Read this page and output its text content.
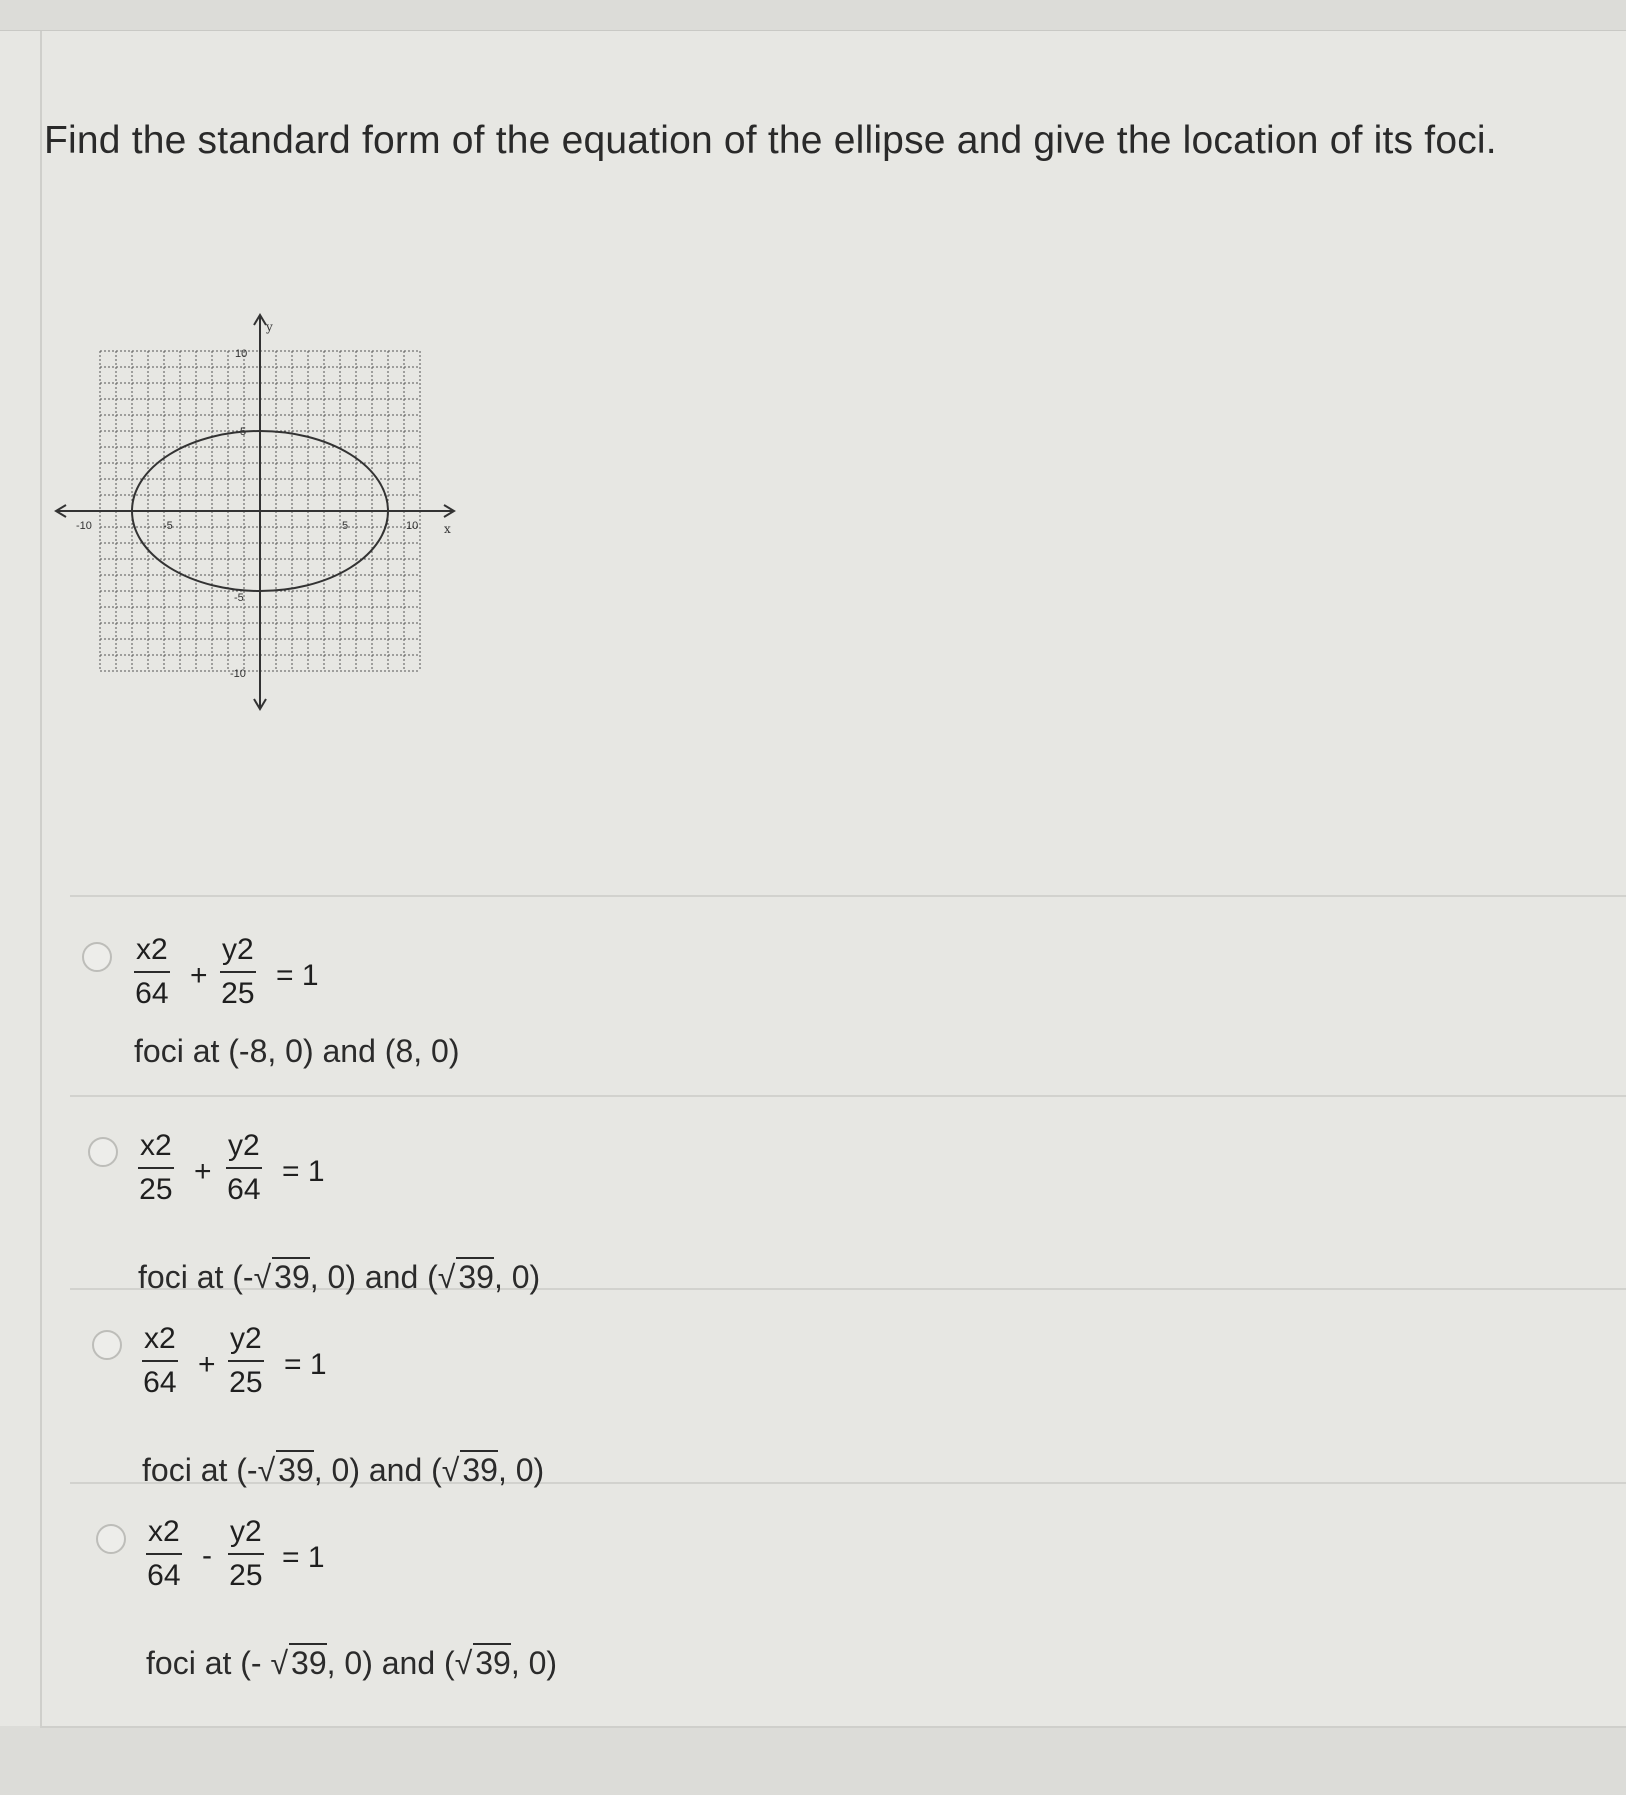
Find the standard form of the equation of the ellipse and give the location of its foci.
x
y
-10	-5	5	10
10
5
-5
-10
$\frac{x2}{64} + \frac{y2}{25} = 1$
foci at (-8, 0) and (8, 0)
$\frac{x2}{25} + \frac{y2}{64} = 1$
foci at (-√39, 0) and (√39, 0)
$\frac{x2}{64} + \frac{y2}{25} = 1$
foci at (-√39, 0) and (√39, 0)
$\frac{x2}{64} - \frac{y2}{25} = 1$
foci at (- √39, 0) and (√39, 0)
